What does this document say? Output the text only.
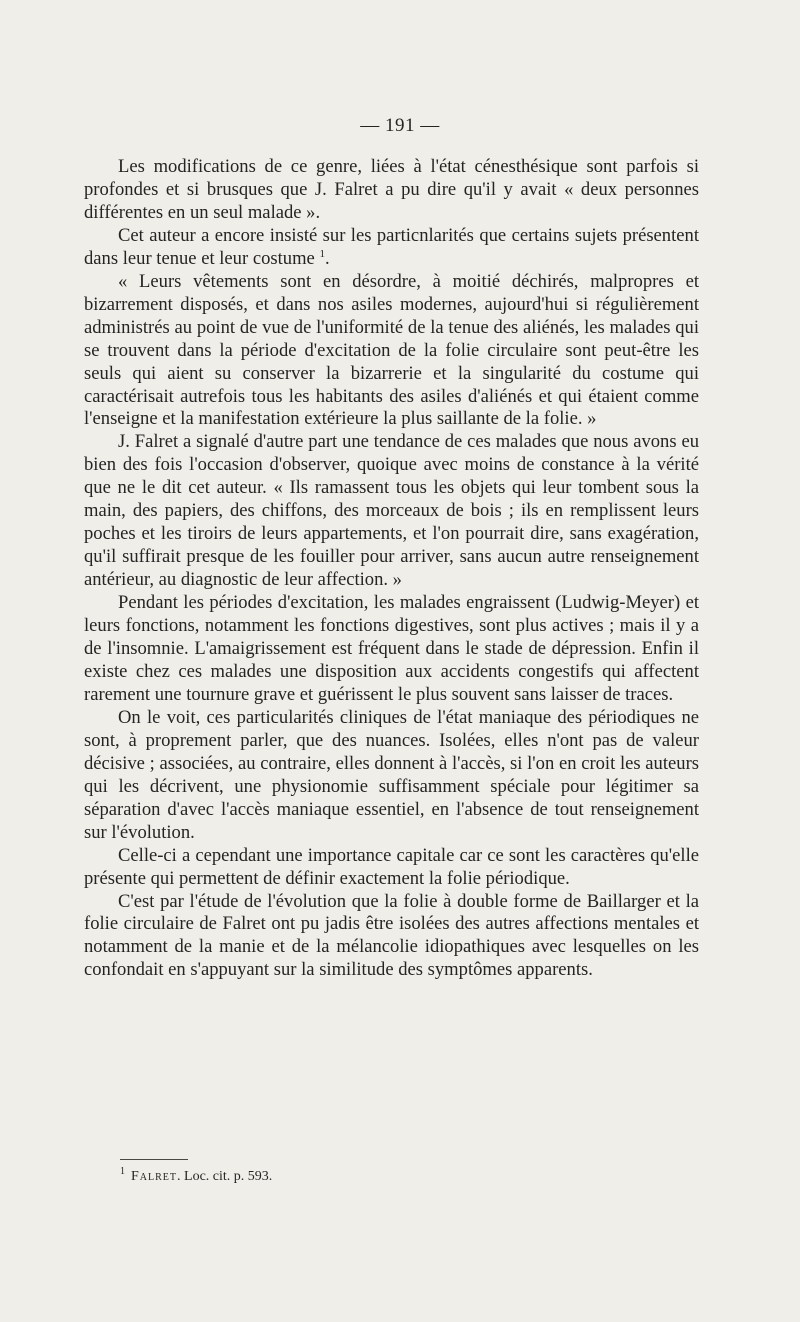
— 191 —

Les modifications de ce genre, liées à l'état cénesthésique sont parfois si profondes et si brusques que J. Falret a pu dire qu'il y avait « deux personnes différentes en un seul malade ».

Cet auteur a encore insisté sur les particnlarités que certains sujets présentent dans leur tenue et leur costume $^1$.

« Leurs vêtements sont en désordre, à moitié déchirés, malpropres et bizarrement disposés, et dans nos asiles modernes, aujourd'hui si régulièrement administrés au point de vue de l'uniformité de la tenue des aliénés, les malades qui se trouvent dans la période d'excitation de la folie circulaire sont peut-être les seuls qui aient su conserver la bizarrerie et la singularité du costume qui caractérisait autrefois tous les habitants des asiles d'aliénés et qui étaient comme l'enseigne et la manifestation extérieure la plus saillante de la folie. »

J. Falret a signalé d'autre part une tendance de ces malades que nous avons eu bien des fois l'occasion d'observer, quoique avec moins de constance à la vérité que ne le dit cet auteur. « Ils ramassent tous les objets qui leur tombent sous la main, des papiers, des chiffons, des morceaux de bois ; ils en remplissent leurs poches et les tiroirs de leurs appartements, et l'on pourrait dire, sans exagération, qu'il suffirait presque de les fouiller pour arriver, sans aucun autre renseignement antérieur, au diagnostic de leur affection. »

Pendant les périodes d'excitation, les malades engraissent (Ludwig-Meyer) et leurs fonctions, notamment les fonctions digestives, sont plus actives ; mais il y a de l'insomnie. L'amaigrissement est fréquent dans le stade de dépression. Enfin il existe chez ces malades une disposition aux accidents congestifs qui affectent rarement une tournure grave et guérissent le plus souvent sans laisser de traces.

On le voit, ces particularités cliniques de l'état maniaque des périodiques ne sont, à proprement parler, que des nuances. Isolées, elles n'ont pas de valeur décisive ; associées, au contraire, elles donnent à l'accès, si l'on en croit les auteurs qui les décrivent, une physionomie suffisamment spéciale pour légitimer sa séparation d'avec l'accès maniaque essentiel, en l'absence de tout renseignement sur l'évolution.

Celle-ci a cependant une importance capitale car ce sont les caractères qu'elle présente qui permettent de définir exactement la folie périodique.

C'est par l'étude de l'évolution que la folie à double forme de Baillarger et la folie circulaire de Falret ont pu jadis être isolées des autres affections mentales et notamment de la manie et de la mélancolie idiopathiques avec lesquelles on les confondait en s'appuyant sur la similitude des symptômes apparents.

$^1$ Falret. Loc. cit. p. 593.
